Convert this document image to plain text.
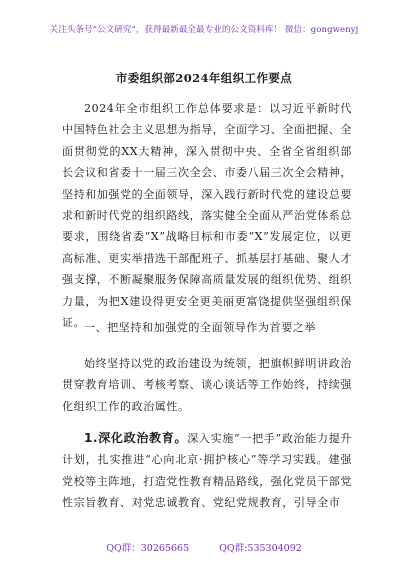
关注头条号“公文研究”，获得最新最全最专业的公文资料库！ 微信：gongwenyj
市委组织部2024年组织工作要点

2024年全市组织工作总体要求是：以习近平新时代中国特色社会主义思想为指导，全面学习、全面把握、全面贯彻党的XX大精神，深入贯彻中央、全省全省组织部长会议和省委十一届三次全会、市委八届三次全会精神，坚持和加强党的全面领导，深入践行新时代党的建设总要求和新时代党的组织路线，落实健全全面从严治党体系总要求，围绕省委“X”战略目标和市委“X”发展定位，以更高标准、更实举措选干部配班子、抓基层打基础、聚人才强支撑，不断凝聚服务保障高质量发展的组织优势、组织力量，为把X建设得更安全更美丽更富饶提供坚强组织保证。

一、把坚持和加强党的全面领导作为首要之举

始终坚持以党的政治建设为统领，把旗帜鲜明讲政治贯穿教育培训、考核考察、谈心谈话等工作始终，持续强化组织工作的政治属性。

1.深化政治教育。深入实施“一把手”政治能力提升计划，扎实推进“心向北京·拥护核心”等学习实践。建强党校等主阵地，打造党性教育精品路线，强化党员干部党性宗旨教育、对党忠诚教育、党纪党规教育，引导全市

QQ群：30265665	QQ群:535304092
